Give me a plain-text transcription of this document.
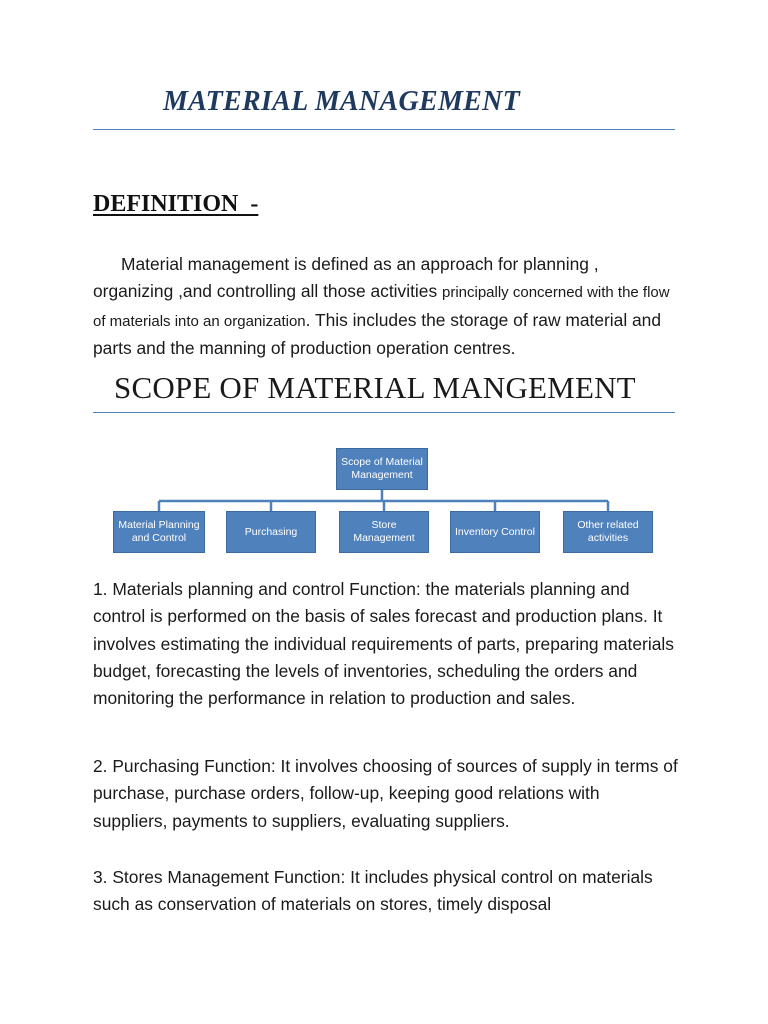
MATERIAL MANAGEMENT
DEFINITION  -

Material management is defined as an approach for planning , organizing ,and controlling all those activities principally concerned with the flow of materials into an organization. This includes the storage of raw material and parts and the manning of production operation centres.

SCOPE OF MATERIAL MANGEMENT
Scope of Material Management
Material Planning and Control
Purchasing
Store Management
Inventory Control
Other related activities

1. Materials planning and control Function: the materials planning and control is performed on the basis of sales forecast and production plans. It involves estimating the individual requirements of parts, preparing materials budget, forecasting the levels of inventories, scheduling the orders and monitoring the performance in relation to production and sales.

2. Purchasing Function: It involves choosing of sources of supply in terms of purchase, purchase orders, follow-up, keeping good relations with suppliers, payments to suppliers, evaluating suppliers.

3. Stores Management Function: It includes physical control on materials such as conservation of materials on stores, timely disposal
